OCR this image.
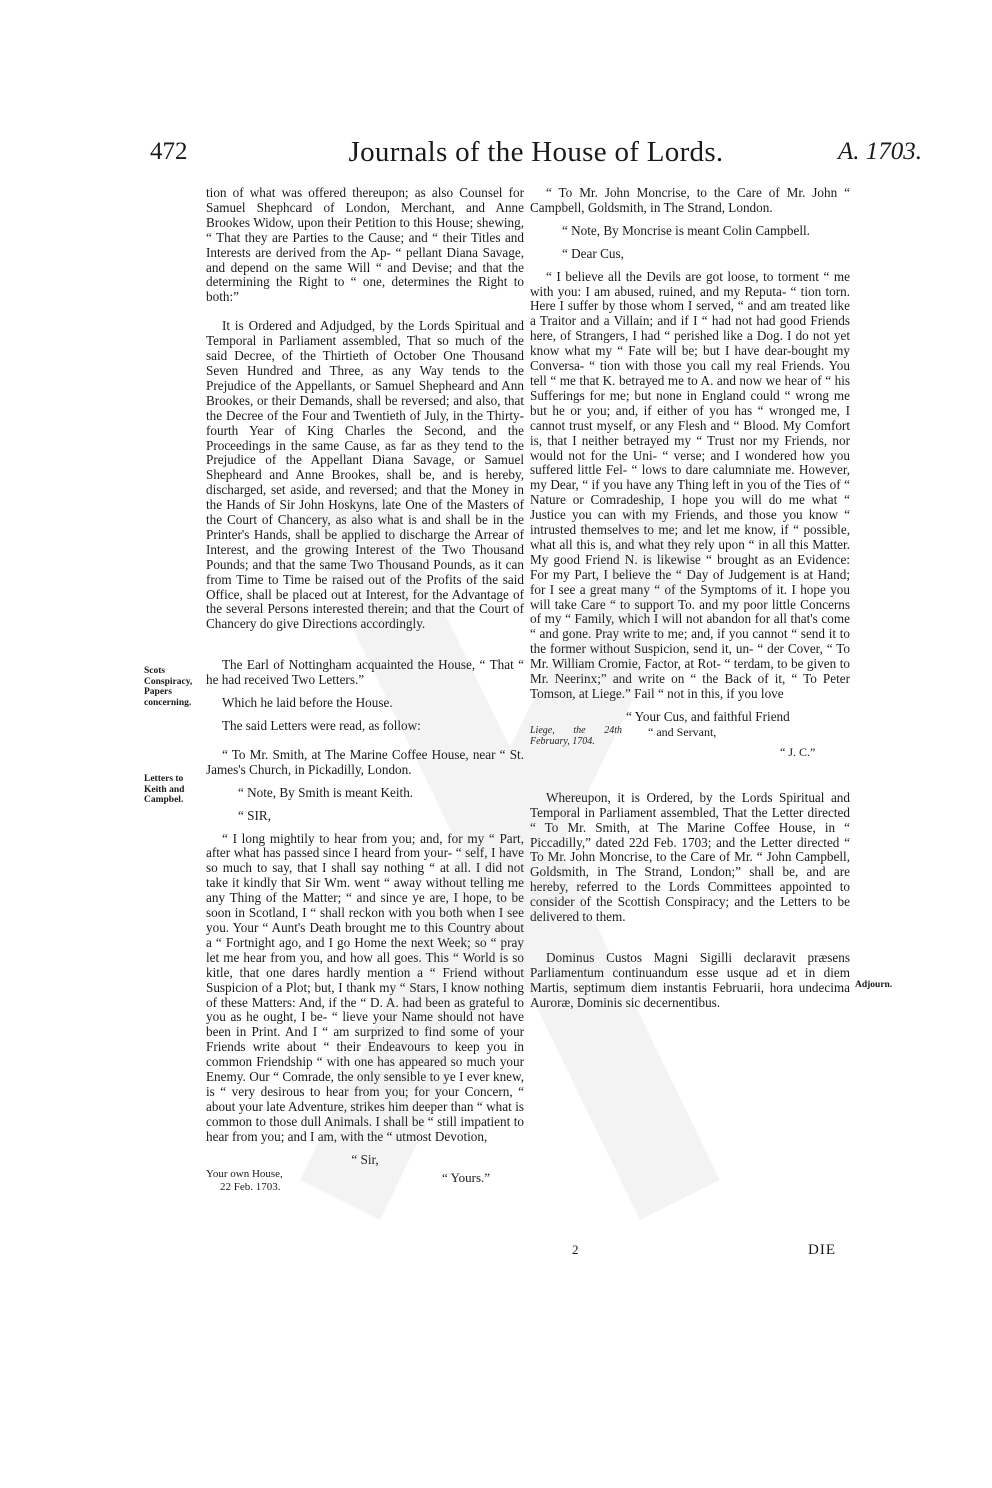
472	Journals of the House of Lords.	A. 1703.
Scots Conspiracy, Papers concerning.
Letters to Keith and Campbel.
Adjourn.

tion of what was offered thereupon; as also Counsel for Samuel Shephcard of London, Merchant, and Anne Brookes Widow, upon their Petition to this House; shewing, “ That they are Parties to the Cause; and “ their Titles and Interests are derived from the Ap- “ pellant Diana Savage, and depend on the same Will “ and Devise; and that the determining the Right to “ one, determines the Right to both:”

It is Ordered and Adjudged, by the Lords Spiritual and Temporal in Parliament assembled, That so much of the said Decree, of the Thirtieth of October One Thousand Seven Hundred and Three, as any Way tends to the Prejudice of the Appellants, or Samuel Shepheard and Ann Brookes, or their Demands, shall be reversed; and also, that the Decree of the Four and Twentieth of July, in the Thirty-fourth Year of King Charles the Second, and the Proceedings in the same Cause, as far as they tend to the Prejudice of the Appellant Diana Savage, or Samuel Shepheard and Anne Brookes, shall be, and is hereby, discharged, set aside, and reversed; and that the Money in the Hands of Sir John Hoskyns, late One of the Masters of the Court of Chancery, as also what is and shall be in the Printer's Hands, shall be applied to discharge the Arrear of Interest, and the growing Interest of the Two Thousand Pounds; and that the same Two Thousand Pounds, as it can from Time to Time be raised out of the Profits of the said Office, shall be placed out at Interest, for the Advantage of the several Persons interested therein; and that the Court of Chancery do give Directions accordingly.

The Earl of Nottingham acquainted the House, “ That “ he had received Two Letters.”

Which he laid before the House.

The said Letters were read, as follow:

“ To Mr. Smith, at The Marine Coffee House, near “ St. James's Church, in Pickadilly, London.

“ Note, By Smith is meant Keith.

“ SIR,

“ I long mightily to hear from you; and, for my “ Part, after what has passed since I heard from your- “ self, I have so much to say, that I shall say nothing “ at all. I did not take it kindly that Sir Wm. went “ away without telling me any Thing of the Matter; “ and since ye are, I hope, to be soon in Scotland, I “ shall reckon with you both when I see you. Your “ Aunt's Death brought me to this Country about a “ Fortnight ago, and I go Home the next Week; so “ pray let me hear from you, and how all goes. This “ World is so kitle, that one dares hardly mention a “ Friend without Suspicion of a Plot; but, I thank my “ Stars, I know nothing of these Matters: And, if the “ D. A. had been as grateful to you as he ought, I be- “ lieve your Name should not have been in Print. And I “ am surprized to find some of your Friends write about “ their Endeavours to keep you in common Friendship “ with one has appeared so much your Enemy. Our “ Comrade, the only sensible to ye I ever knew, is “ very desirous to hear from you; for your Concern, “ about your late Adventure, strikes him deeper than “ what is common to those dull Animals. I shall be “ still impatient to hear from you; and I am, with the “ utmost Devotion,

“ Sir,

Your own House,
22 Feb. 1703.
“ Yours.”

“ To Mr. John Moncrise, to the Care of Mr. John “ Campbell, Goldsmith, in The Strand, London.

“ Note, By Moncrise is meant Colin Campbell.

“ Dear Cus,

“ I believe all the Devils are got loose, to torment “ me with you: I am abused, ruined, and my Reputa- “ tion torn. Here I suffer by those whom I served, “ and am treated like a Traitor and a Villain; and if I “ had not had good Friends here, of Strangers, I had “ perished like a Dog. I do not yet know what my “ Fate will be; but I have dear-bought my Conversa- “ tion with those you call my real Friends. You tell “ me that K. betrayed me to A. and now we hear of “ his Sufferings for me; but none in England could “ wrong me but he or you; and, if either of you has “ wronged me, I cannot trust myself, or any Flesh and “ Blood. My Comfort is, that I neither betrayed my “ Trust nor my Friends, nor would not for the Uni- “ verse; and I wondered how you suffered little Fel- “ lows to dare calumniate me. However, my Dear, “ if you have any Thing left in you of the Ties of “ Nature or Comradeship, I hope you will do me what “ Justice you can with my Friends, and those you know “ intrusted themselves to me; and let me know, if “ possible, what all this is, and what they rely upon “ in all this Matter. My good Friend N. is likewise “ brought as an Evidence: For my Part, I believe the “ Day of Judgement is at Hand; for I see a great many “ of the Symptoms of it. I hope you will take Care “ to support To. and my poor little Concerns of my “ Family, which I will not abandon for all that's come “ and gone. Pray write to me; and, if you cannot “ send it to the former without Suspicion, send it, un- “ der Cover, “ To Mr. William Cromie, Factor, at Rot- “ terdam, to be given to Mr. Neerinx;” and write on “ the Back of it, “ To Peter Tomson, at Liege.” Fail “ not in this, if you love

“ Your Cus, and faithful Friend

Liege, the 24th February, 1704.
“ and Servant,
“ J. C.”

Whereupon, it is Ordered, by the Lords Spiritual and Temporal in Parliament assembled, That the Letter directed “ To Mr. Smith, at The Marine Coffee House, in “ Piccadilly,” dated 22d Feb. 1703; and the Letter directed “ To Mr. John Moncrise, to the Care of Mr. “ John Campbell, Goldsmith, in The Strand, London;” shall be, and are hereby, referred to the Lords Committees appointed to consider of the Scottish Conspiracy; and the Letters to be delivered to them.

Dominus Custos Magni Sigilli declaravit præsens Parliamentum continuandum esse usque ad et in diem Martis, septimum diem instantis Februarii, hora undecima Auroræ, Dominis sic decernentibus.

2	DIE
